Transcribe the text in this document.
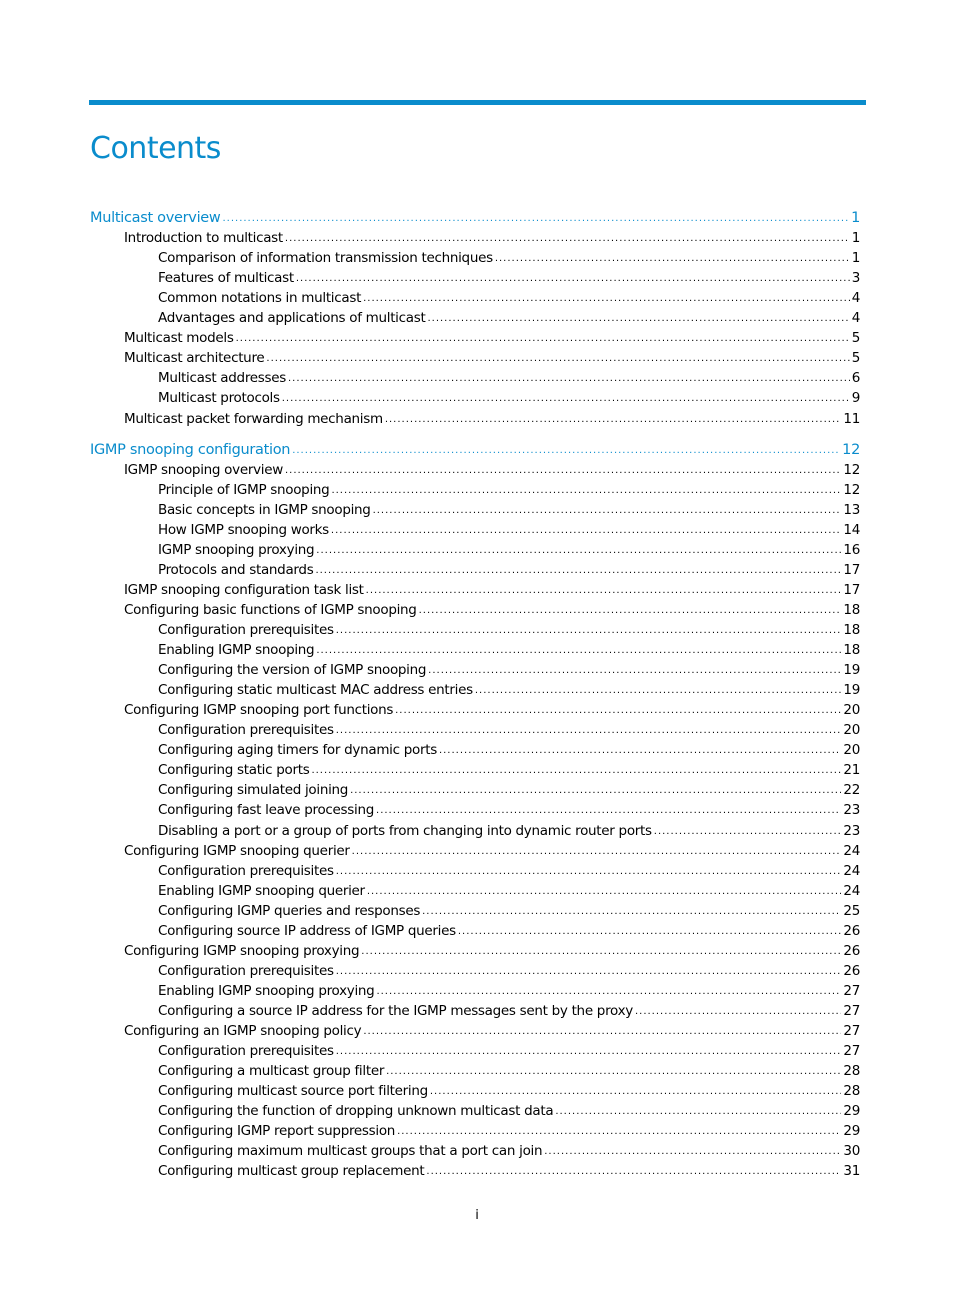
Contents
Multicast overview .....	1
Introduction to multicast .....	1
Comparison of information transmission techniques .....	1
Features of multicast .....	3
Common notations in multicast .....	4
Advantages and applications of multicast .....	4
Multicast models .....	5
Multicast architecture .....	5
Multicast addresses .....	6
Multicast protocols .....	9
Multicast packet forwarding mechanism .....	11
IGMP snooping configuration .....	12
IGMP snooping overview .....	12
Principle of IGMP snooping .....	12
Basic concepts in IGMP snooping .....	13
How IGMP snooping works .....	14
IGMP snooping proxying .....	16
Protocols and standards .....	17
IGMP snooping configuration task list .....	17
Configuring basic functions of IGMP snooping .....	18
Configuration prerequisites .....	18
Enabling IGMP snooping .....	18
Configuring the version of IGMP snooping .....	19
Configuring static multicast MAC address entries .....	19
Configuring IGMP snooping port functions .....	20
Configuration prerequisites .....	20
Configuring aging timers for dynamic ports .....	20
Configuring static ports .....	21
Configuring simulated joining .....	22
Configuring fast leave processing .....	23
Disabling a port or a group of ports from changing into dynamic router ports .....	23
Configuring IGMP snooping querier .....	24
Configuration prerequisites .....	24
Enabling IGMP snooping querier .....	24
Configuring IGMP queries and responses .....	25
Configuring source IP address of IGMP queries .....	26
Configuring IGMP snooping proxying .....	26
Configuration prerequisites .....	26
Enabling IGMP snooping proxying .....	27
Configuring a source IP address for the IGMP messages sent by the proxy .....	27
Configuring an IGMP snooping policy .....	27
Configuration prerequisites .....	27
Configuring a multicast group filter .....	28
Configuring multicast source port filtering .....	28
Configuring the function of dropping unknown multicast data .....	29
Configuring IGMP report suppression .....	29
Configuring maximum multicast groups that a port can join .....	30
Configuring multicast group replacement .....	31
i
